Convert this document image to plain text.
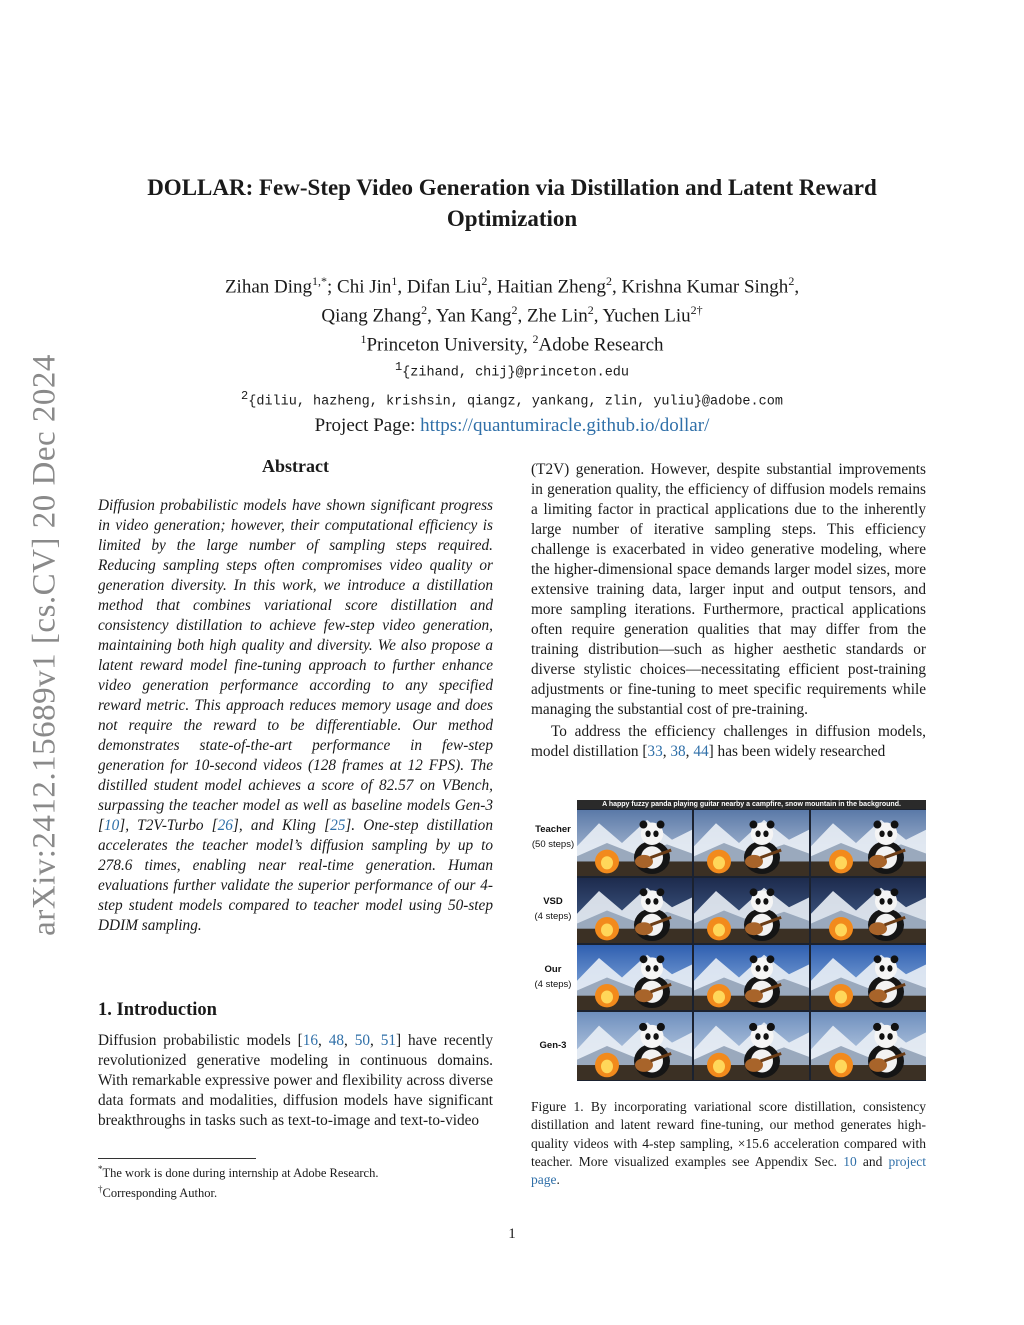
arXiv:2412.15689v1 [cs.CV] 20 Dec 2024
DOLLAR: Few-Step Video Generation via Distillation and Latent Reward
Optimization
Zihan Ding$^{1,*}$; Chi Jin$^1$, Difan Liu$^2$, Haitian Zheng$^2$, Krishna Kumar Singh$^2$,
Qiang Zhang$^2$, Yan Kang$^2$, Zhe Lin$^2$, Yuchen Liu$^{2\dagger}$
$^1$Princeton University, $^2$Adobe Research
$^1${zihand, chij}@princeton.edu
$^2${diliu, hazheng, krishsin, qiangz, yankang, zlin, yuliu}@adobe.com
Project Page: https://quantumiracle.github.io/dollar/
Abstract

Diffusion probabilistic models have shown significant progress in video generation; however, their computational efficiency is limited by the large number of sampling steps required. Reducing sampling steps often compromises video quality or generation diversity. In this work, we introduce a distillation method that combines variational score distillation and consistency distillation to achieve few-step video generation, maintaining both high quality and diversity. We also propose a latent reward model fine-tuning approach to further enhance video generation performance according to any specified reward metric. This approach reduces memory usage and does not require the reward to be differentiable. Our method demonstrates state-of-the-art performance in few-step generation for 10-second videos (128 frames at 12 FPS). The distilled student model achieves a score of 82.57 on VBench, surpassing the teacher model as well as baseline models Gen-3 [10], T2V-Turbo [26], and Kling [25]. One-step distillation accelerates the teacher model’s diffusion sampling by up to 278.6 times, enabling near real-time generation. Human evaluations further validate the superior performance of our 4-step student models compared to teacher model using 50-step DDIM sampling.

1. Introduction

Diffusion probabilistic models [16, 48, 50, 51] have recently revolutionized generative modeling in continuous domains. With remarkable expressive power and flexibility across diverse data formats and modalities, diffusion models have significant breakthroughs in tasks such as text-to-image and text-to-video

*The work is done during internship at Adobe Research.
†Corresponding Author.

(T2V) generation. However, despite substantial improvements in generation quality, the efficiency of diffusion models remains a limiting factor in practical applications due to the inherently large number of iterative sampling steps. This efficiency challenge is exacerbated in video generative modeling, where the higher-dimensional space demands larger model sizes, more extensive training data, larger input and output tensors, and more sampling iterations. Furthermore, practical applications often require generation qualities that may differ from the training distribution—such as higher aesthetic standards or diverse stylistic choices—necessitating efficient post-training adjustments or fine-tuning to meet specific requirements while managing the substantial cost of pre-training.

To address the efficiency challenges in diffusion models, model distillation [33, 38, 44] has been widely researched

Teacher
(50 steps)
VSD
(4 steps)
Our
(4 steps)
Gen-3
A happy fuzzy panda playing guitar nearby a campfire, snow mountain in the background.
Figure 1. By incorporating variational score distillation, consistency distillation and latent reward fine-tuning, our method generates high-quality videos with 4-step sampling, ×15.6 acceleration compared with teacher. More visualized examples see Appendix Sec. 10 and project page.
1
